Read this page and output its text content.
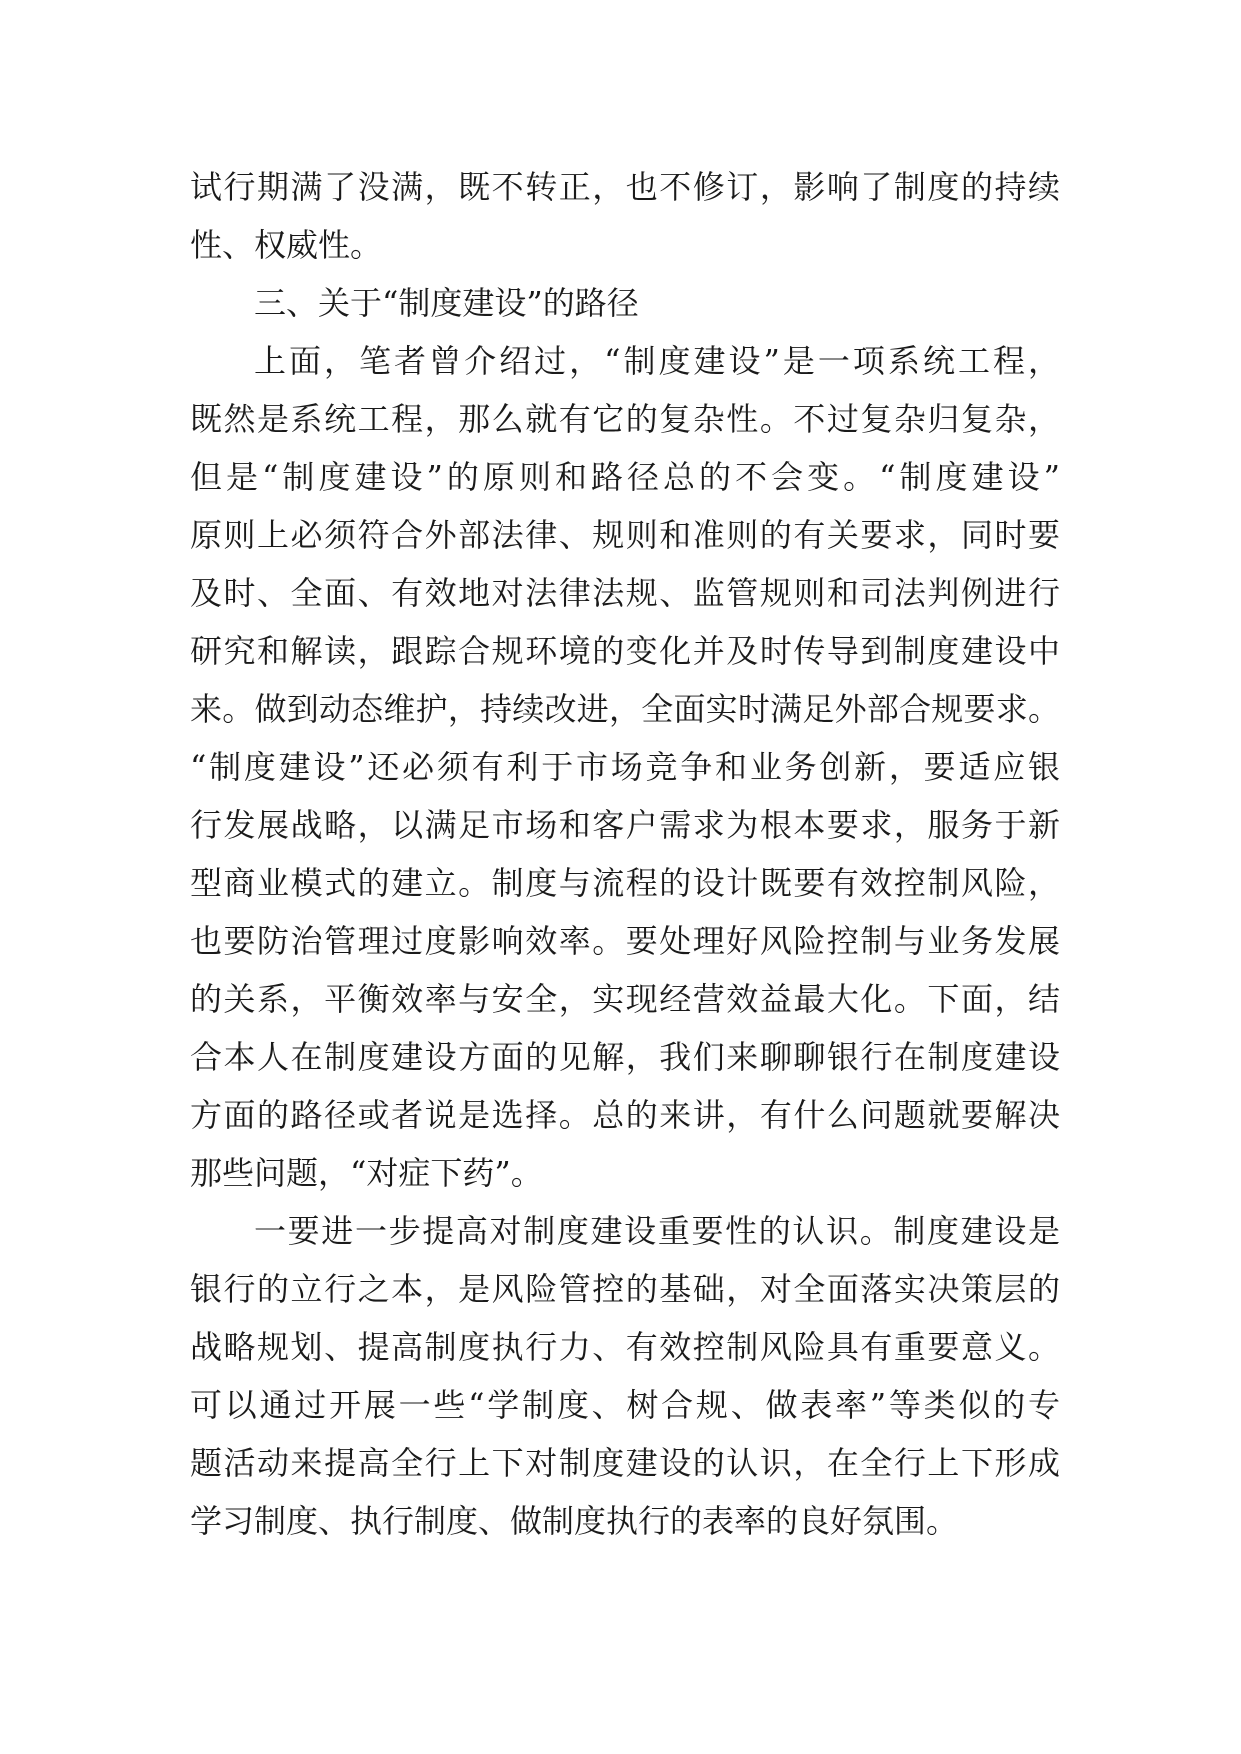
试行期满了没满，既不转正，也不修订，影响了制度的持续
性、权威性。
三、关于“制度建设”的路径
上面，笔者曾介绍过，“制度建设”是一项系统工程，
既然是系统工程，那么就有它的复杂性。不过复杂归复杂，
但是“制度建设”的原则和路径总的不会变。“制度建设”
原则上必须符合外部法律、规则和准则的有关要求，同时要
及时、全面、有效地对法律法规、监管规则和司法判例进行
研究和解读，跟踪合规环境的变化并及时传导到制度建设中
来。做到动态维护，持续改进，全面实时满足外部合规要求。
“制度建设”还必须有利于市场竞争和业务创新，要适应银
行发展战略，以满足市场和客户需求为根本要求，服务于新
型商业模式的建立。制度与流程的设计既要有效控制风险，
也要防治管理过度影响效率。要处理好风险控制与业务发展
的关系，平衡效率与安全，实现经营效益最大化。下面，结
合本人在制度建设方面的见解，我们来聊聊银行在制度建设
方面的路径或者说是选择。总的来讲，有什么问题就要解决
那些问题，“对症下药”。
一要进一步提高对制度建设重要性的认识。制度建设是
银行的立行之本，是风险管控的基础，对全面落实决策层的
战略规划、提高制度执行力、有效控制风险具有重要意义。
可以通过开展一些“学制度、树合规、做表率”等类似的专
题活动来提高全行上下对制度建设的认识，在全行上下形成
学习制度、执行制度、做制度执行的表率的良好氛围。
